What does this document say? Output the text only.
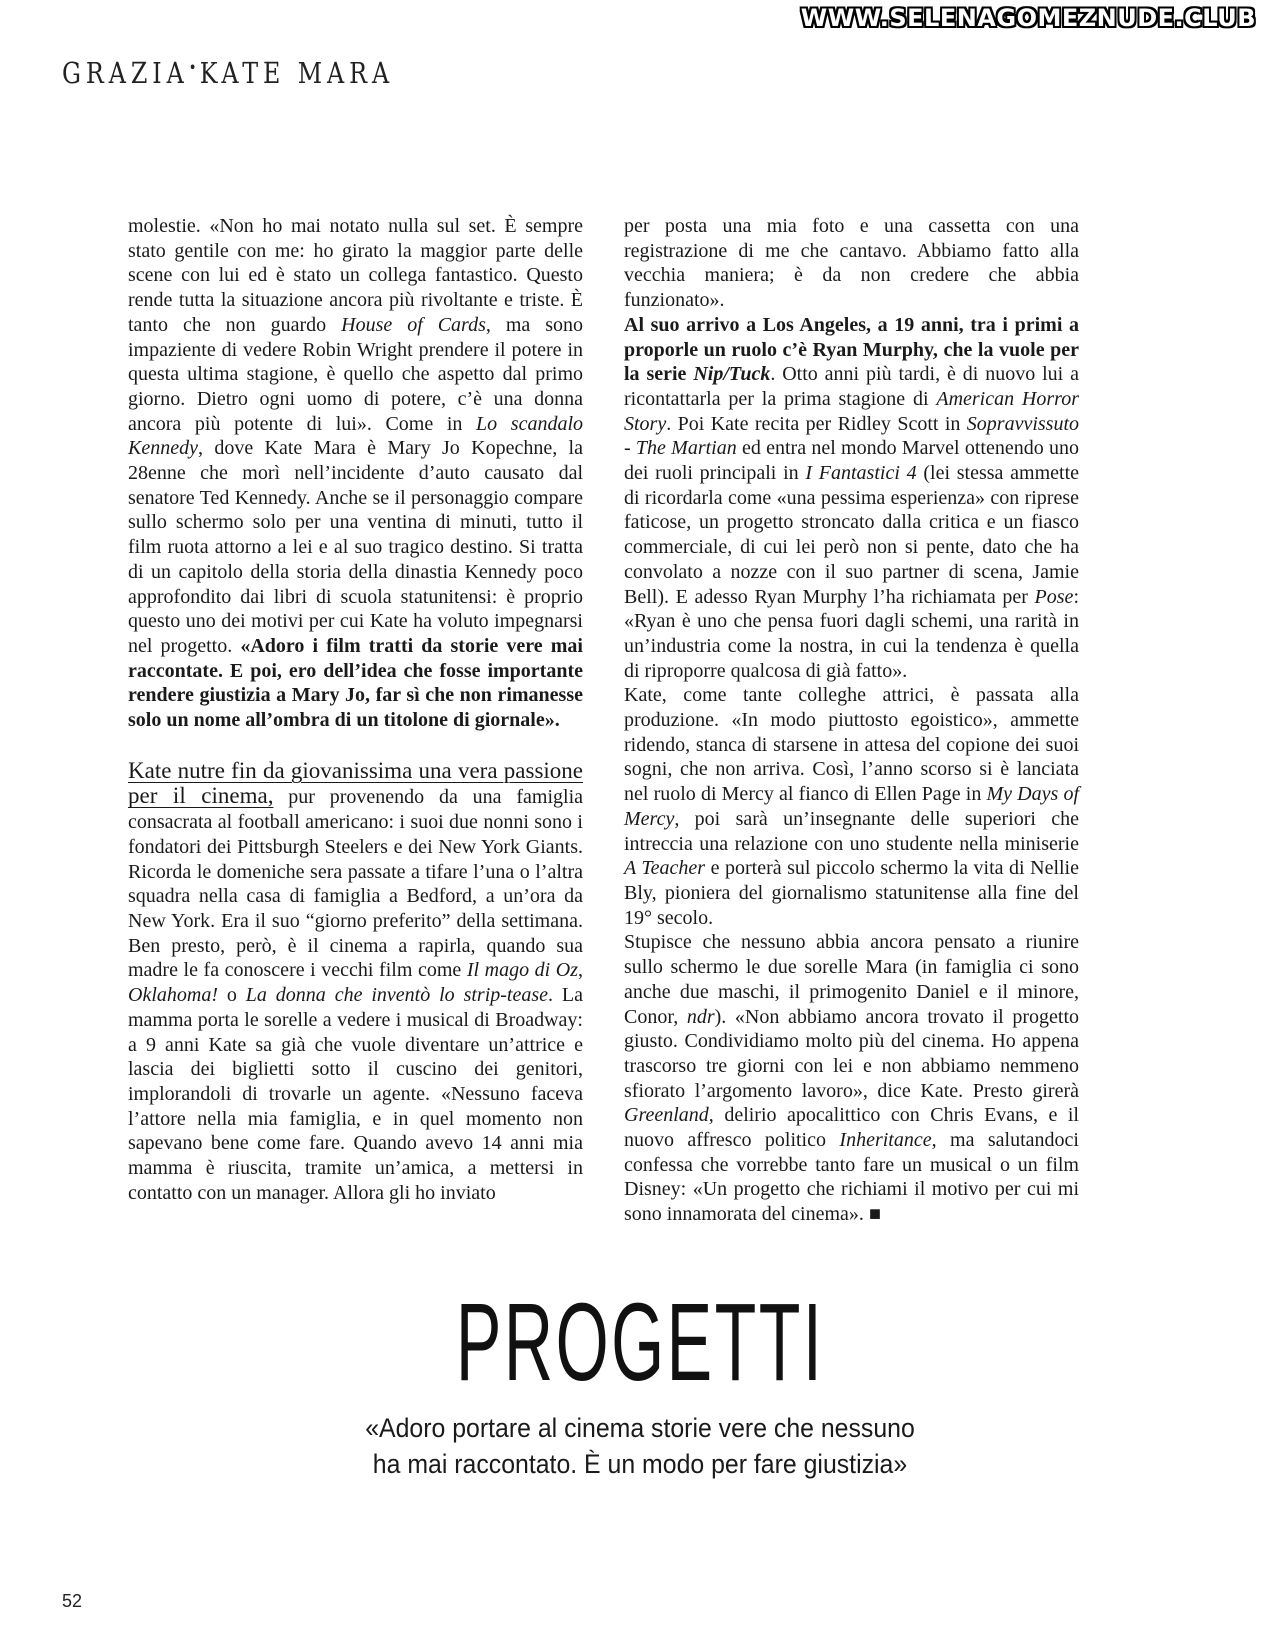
WWW.SELENAGOMEZNUDE.CLUB
GRAZIA•KATE MARA

molestie. «Non ho mai notato nulla sul set. È sempre stato gentile con me: ho girato la maggior parte delle scene con lui ed è stato un collega fantastico. Questo rende tutta la situazione ancora più rivoltante e triste. È tanto che non guardo House of Cards, ma sono impaziente di vedere Robin Wright prendere il potere in questa ultima stagione, è quello che aspetto dal primo giorno. Dietro ogni uomo di potere, c’è una donna ancora più potente di lui». Come in Lo scandalo Kennedy, dove Kate Mara è Mary Jo Kopechne, la 28enne che morì nell’incidente d’auto causato dal senatore Ted Kennedy. Anche se il personaggio compare sullo schermo solo per una ventina di minuti, tutto il film ruota attorno a lei e al suo tragico destino. Si tratta di un capitolo della storia della dinastia Kennedy poco approfondito dai libri di scuola statunitensi: è proprio questo uno dei motivi per cui Kate ha voluto impegnarsi nel progetto. «Adoro i film tratti da storie vere mai raccontate. E poi, ero dell’idea che fosse importante rendere giustizia a Mary Jo, far sì che non rimanesse solo un nome all’ombra di un titolone di giornale».

Kate nutre fin da giovanissima una vera passione per il cinema, pur provenendo da una famiglia consacrata al football americano: i suoi due nonni sono i fondatori dei Pittsburgh Steelers e dei New York Giants. Ricorda le domeniche sera passate a tifare l’una o l’altra squadra nella casa di famiglia a Bedford, a un’ora da New York. Era il suo “giorno preferito” della settimana. Ben presto, però, è il cinema a rapirla, quando sua madre le fa conoscere i vecchi film come Il mago di Oz, Oklahoma! o La donna che inventò lo strip-tease. La mamma porta le sorelle a vedere i musical di Broadway: a 9 anni Kate sa già che vuole diventare un’attrice e lascia dei biglietti sotto il cuscino dei genitori, implorandoli di trovarle un agente. «Nessuno faceva l’attore nella mia famiglia, e in quel momento non sapevano bene come fare. Quando avevo 14 anni mia mamma è riuscita, tramite un’amica, a mettersi in contatto con un manager. Allora gli ho inviato

per posta una mia foto e una cassetta con una registrazione di me che cantavo. Abbiamo fatto alla vecchia maniera; è da non credere che abbia funzionato».

Al suo arrivo a Los Angeles, a 19 anni, tra i primi a proporle un ruolo c’è Ryan Murphy, che la vuole per la serie Nip/Tuck. Otto anni più tardi, è di nuovo lui a ricontattarla per la prima stagione di American Horror Story. Poi Kate recita per Ridley Scott in Sopravvissuto - The Martian ed entra nel mondo Marvel ottenendo uno dei ruoli principali in I Fantastici 4 (lei stessa ammette di ricordarla come «una pessima esperienza» con riprese faticose, un progetto stroncato dalla critica e un fiasco commerciale, di cui lei però non si pente, dato che ha convolato a nozze con il suo partner di scena, Jamie Bell). E adesso Ryan Murphy l’ha richiamata per Pose: «Ryan è uno che pensa fuori dagli schemi, una rarità in un’industria come la nostra, in cui la tendenza è quella di riproporre qualcosa di già fatto».

Kate, come tante colleghe attrici, è passata alla produzione. «In modo piuttosto egoistico», ammette ridendo, stanca di starsene in attesa del copione dei suoi sogni, che non arriva. Così, l’anno scorso si è lanciata nel ruolo di Mercy al fianco di Ellen Page in My Days of Mercy, poi sarà un’insegnante delle superiori che intreccia una relazione con uno studente nella miniserie A Teacher e porterà sul piccolo schermo la vita di Nellie Bly, pioniera del giornalismo statunitense alla fine del 19° secolo.

Stupisce che nessuno abbia ancora pensato a riunire sullo schermo le due sorelle Mara (in famiglia ci sono anche due maschi, il primogenito Daniel e il minore, Conor, ndr). «Non abbiamo ancora trovato il progetto giusto. Condividiamo molto più del cinema. Ho appena trascorso tre giorni con lei e non abbiamo nemmeno sfiorato l’argomento lavoro», dice Kate. Presto girerà Greenland, delirio apocalittico con Chris Evans, e il nuovo affresco politico Inheritance, ma salutandoci confessa che vorrebbe tanto fare un musical o un film Disney: «Un progetto che richiami il motivo per cui mi sono innamorata del cinema». ■

PROGETTI
«Adoro portare al cinema storie vere che nessuno
ha mai raccontato. È un modo per fare giustizia»
52
